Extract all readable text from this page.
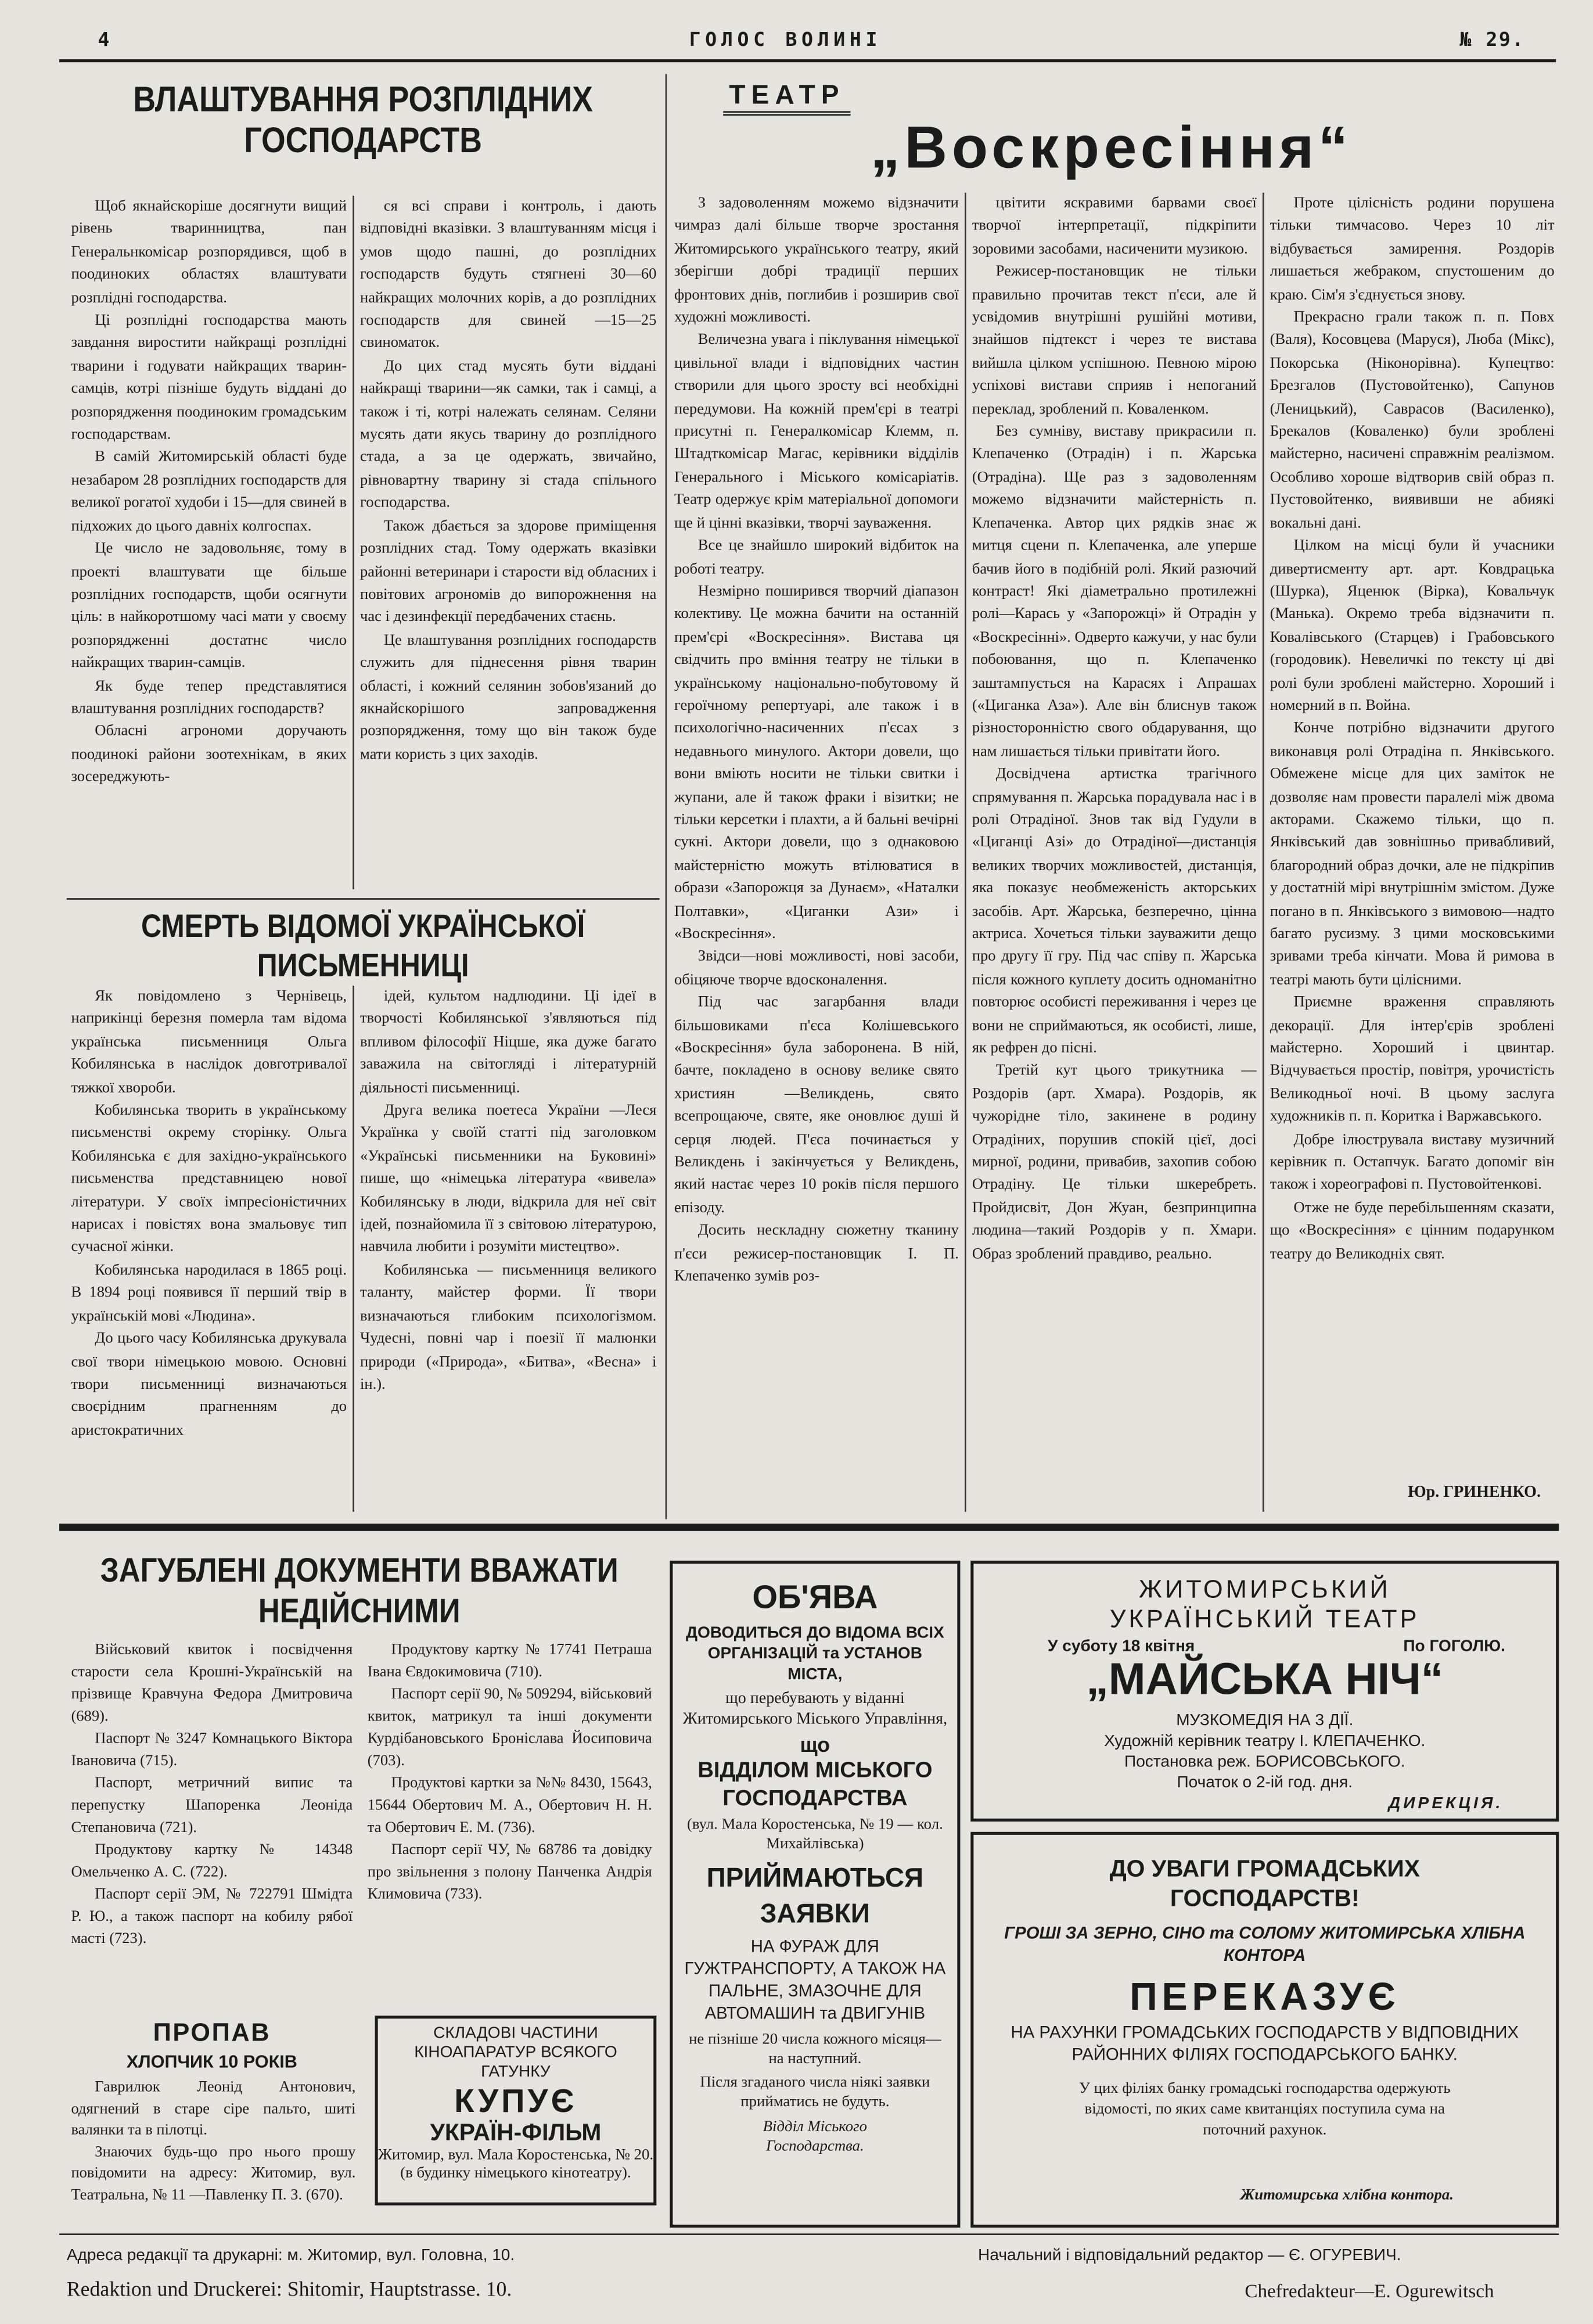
4	ГОЛОС ВОЛИНІ	№ 29.
ВЛАШТУВАННЯ РОЗПЛІДНИХ ГОСПОДАРСТВ

Щоб якнайскоріше досягнути вищий рівень тваринництва, пан Генеральнкомісар розпорядився, щоб в поодиноких областях влаштувати розплідні господарства.

Ці розплідні господарства мають завдання виростити найкращі розплідні тварини і годувати найкращих тварин-самців, котрі пізніше будуть віддані до розпорядження поодиноким громадським господарствам.

В самій Житомирській області буде незабаром 28 розплідних господарств для великої рогатої худоби і 15—для свиней в підхожих до цього давніх колгоспах.

Це число не задовольняє, тому в проекті влаштувати ще більше розплідних господарств, щоби осягнути ціль: в найкоротшому часі мати у своєму розпорядженні достатнє число найкращих тварин-самців.

Як буде тепер представлятися влаштування розплідних господарств?

Обласні агрономи доручають поодинокі райони зоотехнікам, в яких зосереджують-

ся всі справи і контроль, і дають відповідні вказівки. З влаштуванням місця і умов щодо пашні, до розплідних господарств будуть стягнені 30—60 найкращих молочних корів, а до розплідних господарств для свиней —15—25 свиноматок.

До цих стад мусять бути віддані найкращі тварини—як самки, так і самці, а також і ті, котрі належать селянам. Селяни мусять дати якусь тварину до розплідного стада, а за це одержать, звичайно, рівновартну тварину зі стада спільного господарства.

Також дбається за здорове приміщення розплідних стад. Тому одержать вказівки районні ветеринари і старости від обласних і повітових агрономів до випорожнення на час і дезинфекції передбачених стаєнь.

Це влаштування розплідних господарств служить для піднесення рівня тварин області, і кожний селянин зобов'язаний до якнайскорішого запровадження розпорядження, тому що він також буде мати користь з цих заходів.

СМЕРТЬ ВІДОМОЇ УКРАЇНСЬКОЇ ПИСЬМЕННИЦІ

Як повідомлено з Чернівець, наприкінці березня померла там відома українська письменниця Ольга Кобилянська в наслідок довготривалої тяжкої хвороби.

Кобилянська творить в українському письменстві окрему сторінку. Ольга Кобилянська є для західно-українського письменства представницею нової літератури. У своїх імпресіоністичних нарисах і повістях вона змальовує тип сучасної жінки.

Кобилянська народилася в 1865 році. В 1894 році появився її перший твір в українській мові «Людина».

До цього часу Кобилянська друкувала свої твори німецькою мовою. Основні твори письменниці визначаються своєрідним прагненням до аристократичних

ідей, культом надлюдини. Ці ідеї в творчості Кобилянської з'являються під впливом філософії Ніцше, яка дуже багато заважила на світогляді і літературній діяльності письменниці.

Друга велика поетеса України —Леся Українка у своїй статті під заголовком «Українські письменники на Буковині» пише, що «німецька література «вивела» Кобилянську в люди, відкрила для неї світ ідей, познайомила її з світовою літературою, навчила любити і розуміти мистецтво».

Кобилянська — письменниця великого таланту, майстер форми. Її твори визначаються глибоким психологізмом. Чудесні, повні чар і поезії її малюнки природи («Природа», «Битва», «Весна» і ін.).

ТЕАТР
„Воскресіння“

З задоволенням можемо відзначити чимраз далі більше творче зростання Житомирського українського театру, який зберігши добрі традиції перших фронтових днів, поглибив і розширив свої художні можливості.

Величезна увага і піклування німецької цивільної влади і відповідних частин створили для цього зросту всі необхідні передумови. На кожній прем'єрі в театрі присутні п. Генералкомісар Клемм, п. Штадткомісар Магас, керівники відділів Генерального і Міського комісаріатів. Театр одержує крім матеріальної допомоги ще й цінні вказівки, творчі зауваження.

Все це знайшло широкий відбиток на роботі театру.

Незмірно поширився творчий діапазон колективу. Це можна бачити на останній прем'єрі «Воскресіння». Вистава ця свідчить про вміння театру не тільки в українському національно-побутовому й героїчному репертуарі, але також і в психологічно-насиченних п'єсах з недавнього минулого. Актори довели, що вони вміють носити не тільки свитки і жупани, але й також фраки і візитки; не тільки керсетки і плахти, а й бальні вечірні сукні. Актори довели, що з однаковою майстерністю можуть втілюватися в образи «Запорожця за Дунаєм», «Наталки Полтавки», «Циганки Ази» і «Воскресіння».

Звідси—нові можливості, нові засоби, обіцяюче творче вдосконалення.

Під час загарбання влади більшовиками п'єса Колішевського «Воскресіння» була заборонена. В ній, бачте, покладено в основу велике свято християн —Великдень, свято всепрощаюче, святе, яке оновлює душі й серця людей. П'єса починається у Великдень і закінчується у Великдень, який настає через 10 років після першого епізоду.

Досить нескладну сюжетну тканину п'єси режисер-постановщик І. П. Клепаченко зумів роз-

цвітити яскравими барвами своєї творчої інтерпретації, підкріпити зоровими засобами, насиченити музикою.

Режисер-постановщик не тільки правильно прочитав текст п'єси, але й усвідомив внутрішні рушійні мотиви, знайшов підтекст і через те вистава вийшла цілком успішною. Певною мірою успіхові вистави сприяв і непоганий переклад, зроблений п. Коваленком.

Без сумніву, виставу прикрасили п. Клепаченко (Отрадін) і п. Жарська (Отрадіна). Ще раз з задоволенням можемо відзначити майстерність п. Клепаченка. Автор цих рядків знає ж митця сцени п. Клепаченка, але уперше бачив його в подібній ролі. Який разючий контраст! Які діаметрально протилежні ролі—Карась у «Запорожці» й Отрадін у «Воскресінні». Одверто кажучи, у нас були побоювання, що п. Клепаченко заштампується на Карасях і Апрашах («Циганка Аза»). Але він блиснув також різносторонністю свого обдарування, що нам лишається тільки привітати його.

Досвідчена артистка трагічного спрямування п. Жарська порадувала нас і в ролі Отрадіної. Знов так від Гудули в «Циганці Азі» до Отрадіної—дистанція великих творчих можливостей, дистанція, яка показує необмеженість акторських засобів. Арт. Жарська, безперечно, цінна актриса. Хочеться тільки зауважити дещо про другу її гру. Під час співу п. Жарська після кожного куплету досить одноманітно повторює особисті переживання і через це вони не сприймаються, як особисті, лише, як рефрен до пісні.

Третій кут цього трикутника — Роздорів (арт. Хмара). Роздорів, як чужорідне тіло, закинене в родину Отрадіних, порушив спокій цієї, досі мирної, родини, привабив, захопив собою Отрадіну. Це тільки шкеребреть. Пройдисвіт, Дон Жуан, безпринципна людина—такий Роздорів у п. Хмари. Образ зроблений правдиво, реально.

Проте цілісність родини порушена тільки тимчасово. Через 10 літ відбувається замирення. Роздорів лишається жебраком, спустошеним до краю. Сім'я з'єднується знову.

Прекрасно грали також п. п. Повх (Валя), Косовцева (Маруся), Люба (Мікс), Покорська (Ніконорівна). Купецтво: Брезгалов (Пустовойтенко), Сапунов (Леницький), Саврасов (Василенко), Брекалов (Коваленко) були зроблені майстерно, насичені справжнім реалізмом. Особливо хороше відтворив свій образ п. Пустовойтенко, виявивши не абиякі вокальні дані.

Цілком на місці були й учасники дивертисменту арт. арт. Ковдрацька (Шурка), Яценюк (Вірка), Ковальчук (Манька). Окремо треба відзначити п. Ковалівського (Старцев) і Грабовського (городовик). Невеличкі по тексту ці дві ролі були зроблені майстерно. Хороший і номерний в п. Война.

Конче потрібно відзначити другого виконавця ролі Отрадіна п. Янківського. Обмежене місце для цих заміток не дозволяє нам провести паралелі між двома акторами. Скажемо тільки, що п. Янківський дав зовнішньо привабливий, благородний образ дочки, але не підкріпив у достатній мірі внутрішнім змістом. Дуже погано в п. Янківського з вимовою—надто багато русизму. З цими московськими зривами треба кінчати. Мова й римова в театрі мають бути цілісними.

Приємне враження справляють декорації. Для інтер'єрів зроблені майстерно. Хороший і цвинтар. Відчувається простір, повітря, урочистість Великодньої ночі. В цьому заслуга художників п. п. Коритка і Варжавського.

Добре ілюструвала виставу музичний керівник п. Остапчук. Багато допоміг він також і хореографові п. Пустовойтенкові.

Отже не буде перебільшенням сказати, що «Воскресіння» є цінним подарунком театру до Великодніх свят.

Юр. ГРИНЕНКО.
ЗАГУБЛЕНІ ДОКУМЕНТИ ВВАЖАТИ НЕДІЙСНИМИ

Військовий квиток і посвідчення старости села Крошні-Українській на прізвище Кравчуна Федора Дмитровича (689).

Паспорт № 3247 Комнацького Віктора Івановича (715).

Паспорт, метричний випис та перепустку Шапоренка Леоніда Степановича (721).

Продуктову картку № 14348 Омельченко А. С. (722).

Паспорт серії ЭМ, № 722791 Шмідта Р. Ю., а також паспорт на кобилу рябої масті (723).

Продуктову картку № 17741 Петраша Івана Євдокимовича (710).

Паспорт серії 90, № 509294, військовий квиток, матрикул та інші документи Курдібановського Броніслава Йосиповича (703).

Продуктові картки за №№ 8430, 15643, 15644 Обертович М. А., Обертович Н. Н. та Обертович Е. М. (736).

Паспорт серії ЧУ, № 68786 та довідку про звільнення з полону Панченка Андрія Климовича (733).

ПРОПАВ
ХЛОПЧИК 10 РОКІВ

Гаврилюк Леонід Антонович, одягнений в старе сіре пальто, шиті валянки та в пілотці.

Знаючих будь-що про нього прошу повідомити на адресу: Житомир, вул. Театральна, № 11 —Павленку П. З. (670).

СКЛАДОВІ ЧАСТИНИ КІНОАПАРАТУР ВСЯКОГО ГАТУНКУ
КУПУЄ
УКРАЇН-ФІЛЬМ
Житомир, вул. Мала Коростенська, № 20.
(в будинку німецького кінотеатру).
ОБ'ЯВА
ДОВОДИТЬСЯ ДО ВІДОМА ВСІХ ОРГАНІЗАЦІЙ та УСТАНОВ МІСТА,
що перебувають у віданні Житомирського Міського Управління,
що
ВІДДІЛОМ МІСЬКОГО ГОСПОДАРСТВА
(вул. Мала Коростенська, № 19 — кол. Михайлівська)
ПРИЙМАЮТЬСЯ ЗАЯВКИ
НА ФУРАЖ ДЛЯ ГУЖТРАНСПОРТУ, А ТАКОЖ НА ПАЛЬНЕ, ЗМАЗОЧНЕ ДЛЯ АВТОМАШИН та ДВИГУНІВ
не пізніше 20 числа кожного місяця—на наступний.
Після згаданого числа ніякі заявки прийматись не будуть.
Відділ Міського Господарства.
ЖИТОМИРСЬКИЙ УКРАЇНСЬКИЙ ТЕАТР
У суботу 18 квітня	По ГОГОЛЮ.
„МАЙСЬКА НІЧ“
МУЗКОМЕДІЯ НА 3 ДІЇ.
Художній керівник театру І. КЛЕПАЧЕНКО.
Постановка реж. БОРИСОВСЬКОГО.
Початок о 2-ій год. дня.
ДИРЕКЦІЯ.
ДО УВАГИ ГРОМАДСЬКИХ ГОСПОДАРСТВ!
ГРОШІ ЗА ЗЕРНО, СІНО та СОЛОМУ ЖИТОМИРСЬКА ХЛІБНА КОНТОРА
ПЕРЕКАЗУЄ
НА РАХУНКИ ГРОМАДСЬКИХ ГОСПОДАРСТВ У ВІДПОВІДНИХ РАЙОННИХ ФІЛІЯХ ГОСПОДАРСЬКОГО БАНКУ.
У цих філіях банку громадські господарства одержують відомості, по яких саме квитанціях поступила сума на поточний рахунок.
Житомирська хлібна контора.
Адреса редакції та друкарні: м. Житомир, вул. Головна, 10.	Начальний і відповідальний редактор — Є. ОГУРЕВИЧ.
Redaktion und Druckerei: Shitomir, Hauptstrasse. 10.	Chefredakteur—E. Ogurewitsch
